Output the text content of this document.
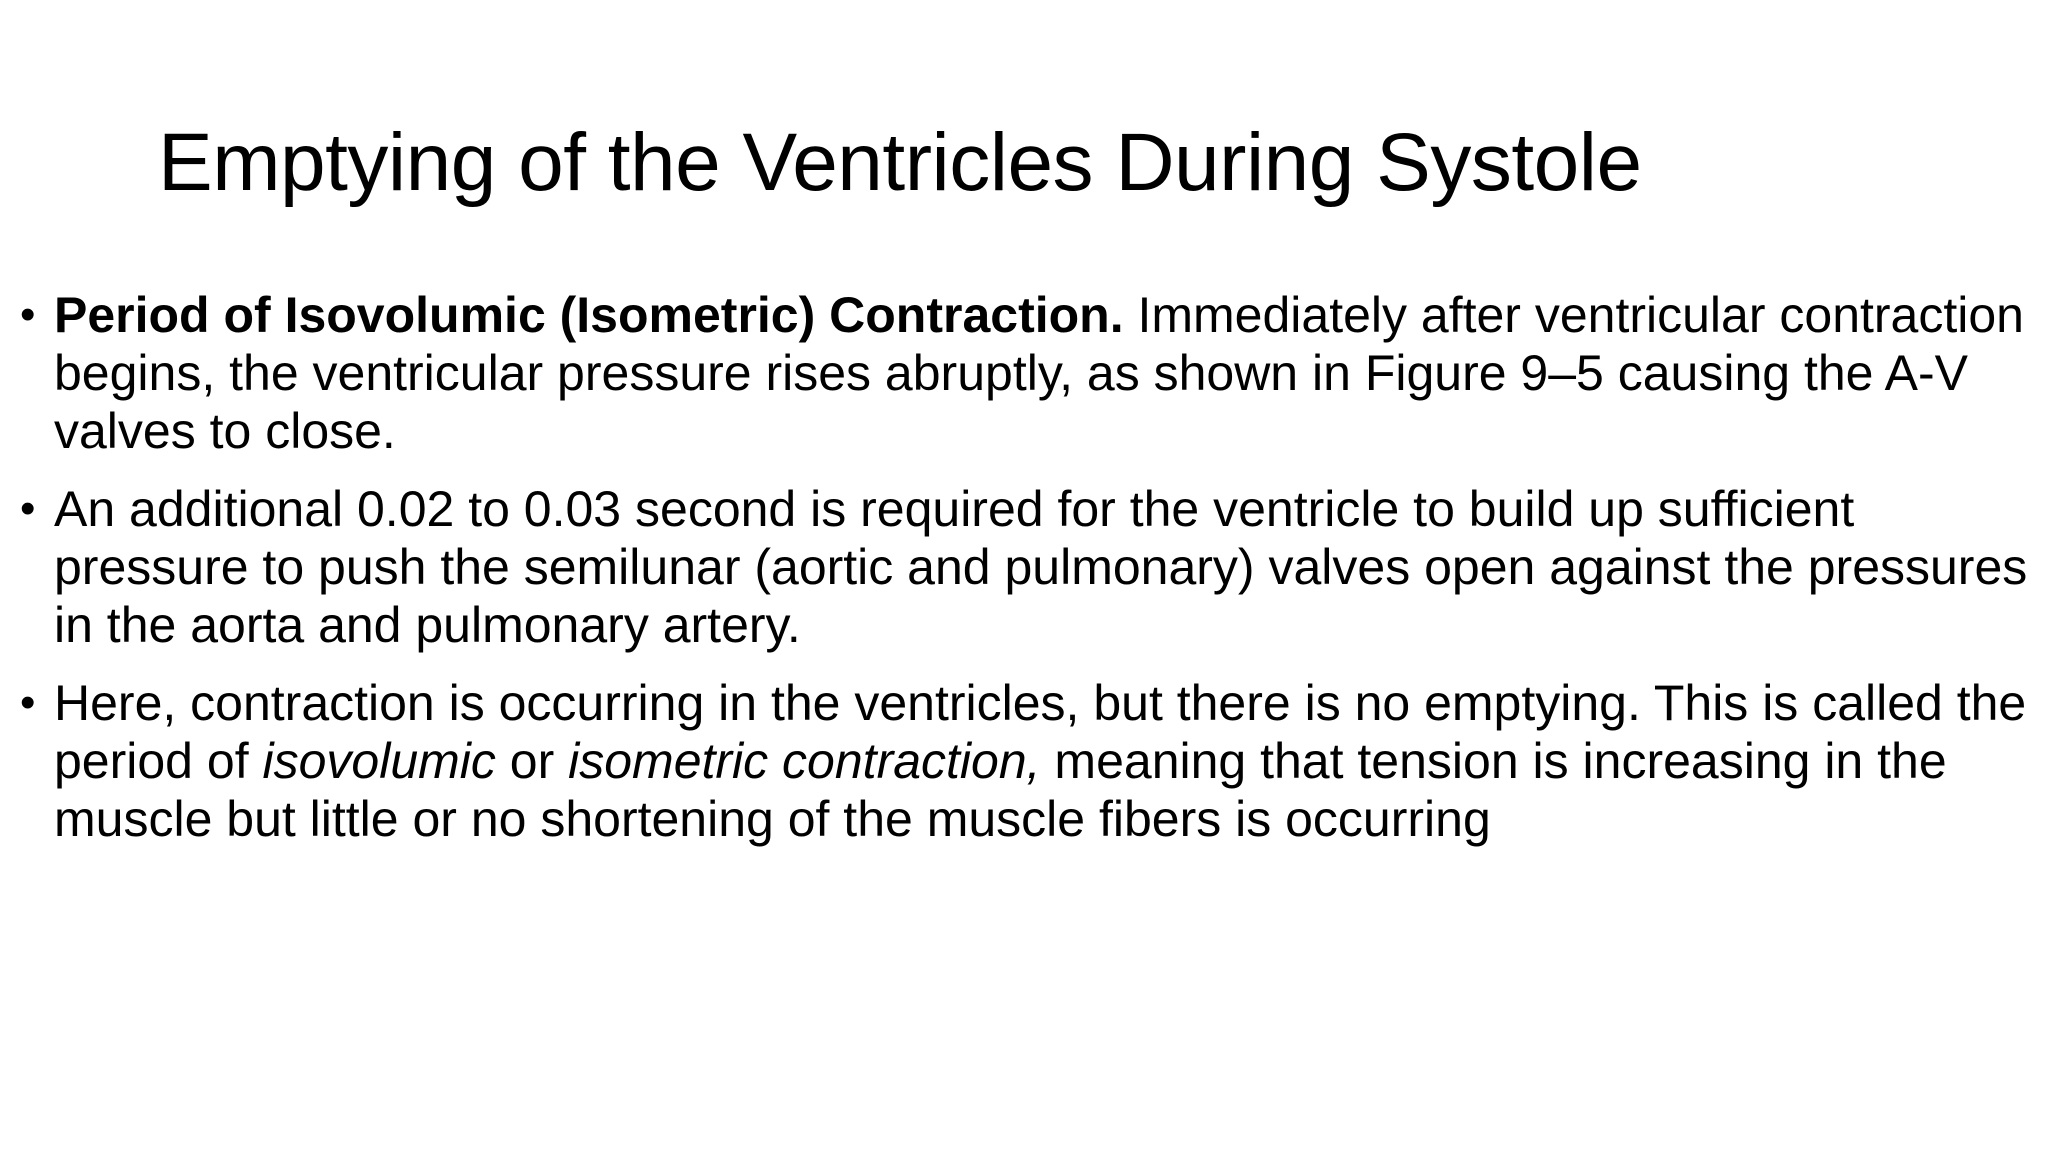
Emptying of the Ventricles During Systole
• Period of Isovolumic (Isometric) Contraction. Immediately after ventricular contraction begins, the ventricular pressure rises abruptly, as shown in Figure 9–5 causing the A-V valves to close.
• An additional 0.02 to 0.03 second is required for the ventricle to build up sufficient pressure to push the semilunar (aortic and pulmonary) valves open against the pressures in the aorta and pulmonary artery.
• Here, contraction is occurring in the ventricles, but there is no emptying. This is called the period of isovolumic or isometric contraction, meaning that tension is increasing in the muscle but little or no shortening of the muscle fibers is occurring
